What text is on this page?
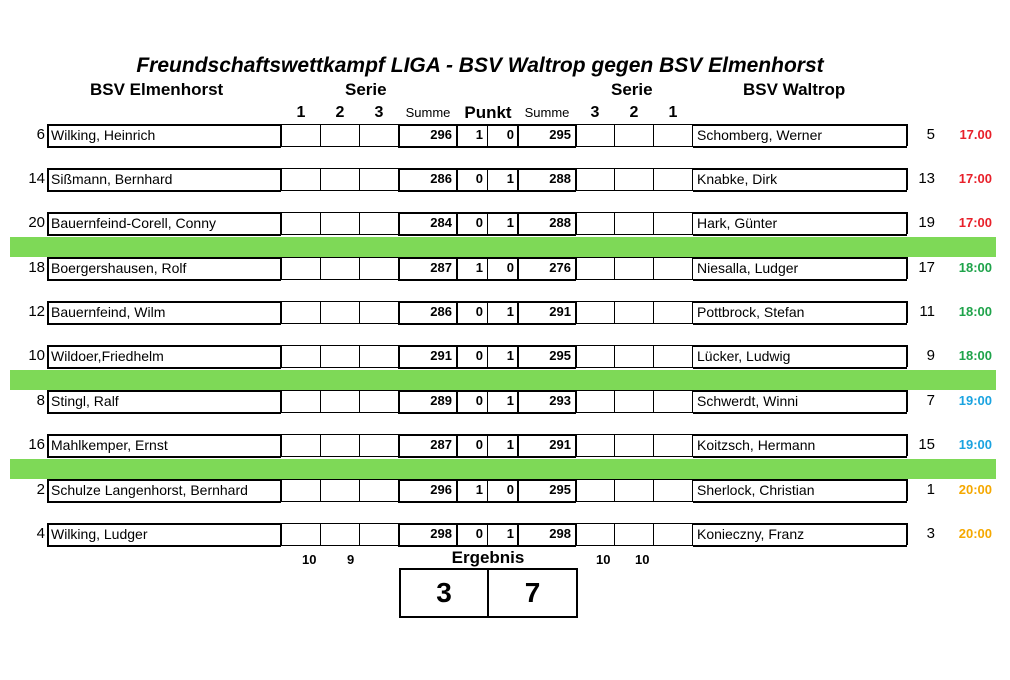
Freundschaftswettkampf LIGA - BSV Waltrop gegen BSV Elmenhorst
BSV Elmenhorst	Serie	Serie	BSV Waltrop
1	2	3	Summe Punkt Summe	3	2	1
6 Wilking, Heinrich	296	1	0	295	Schomberg, Werner	5	17.00
14 Sißmann, Bernhard	286	0	1	288	Knabke, Dirk	13	17:00
20 Bauernfeind-Corell, Conny	284	0	1	288	Hark, Günter	19	17:00
18 Boergershausen, Rolf	287	1	0	276	Niesalla, Ludger	17	18:00
12 Bauernfeind, Wilm	286	0	1	291	Pottbrock, Stefan	11	18:00
10 Wildoer,Friedhelm	291	0	1	295	Lücker, Ludwig	9	18:00
8 Stingl, Ralf	289	0	1	293	Schwerdt, Winni	7	19:00
16 Mahlkemper, Ernst	287	0	1	291	Koitzsch, Hermann	15	19:00
2 Schulze Langenhorst, Bernhard	296	1	0	295	Sherlock, Christian	1	20:00
4 Wilking, Ludger	298	0	1	298	Konieczny, Franz	3	20:00
10 9	10 10
Ergebnis
3	7
